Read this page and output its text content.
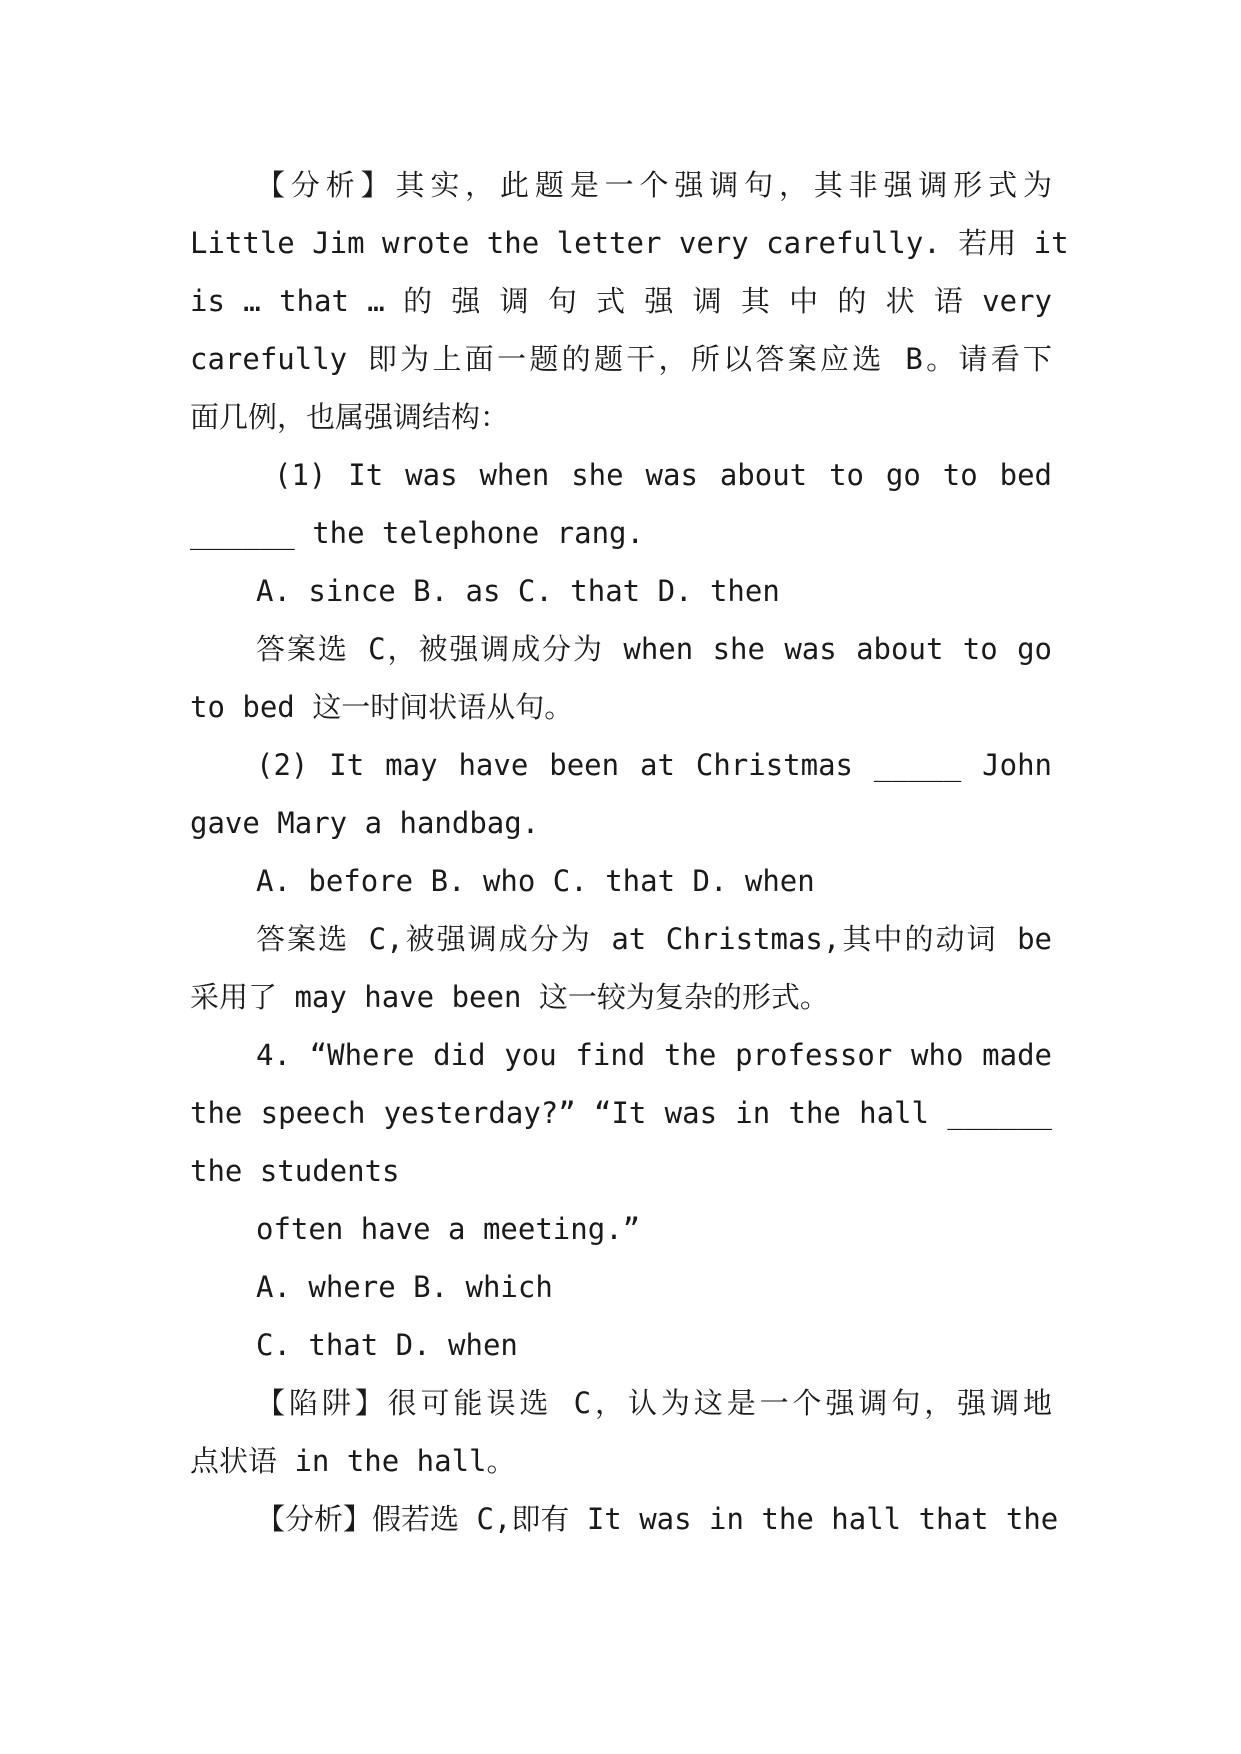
【分析】其实，此题是一个强调句，其非强调形式为
Little Jim wrote the letter very carefully. 若用 it
is … that … 的 强 调 句 式 强 调 其 中 的 状 语 very
carefully 即为上面一题的题干，所以答案应选 B。请看下
面几例，也属强调结构：
(1) It was when she was about to go to bed
______ the telephone rang.
A. since B. as C. that D. then
答案选 C，被强调成分为 when she was about to go
to bed 这一时间状语从句。
(2) It may have been at Christmas _____ John
gave Mary a handbag.
A. before B. who C. that D. when
答案选 C,被强调成分为 at Christmas,其中的动词 be
采用了 may have been 这一较为复杂的形式。
4. “Where did you find the professor who made
the speech yesterday?” “It was in the hall ______
the students
often have a meeting.”
A. where B. which
C. that D. when
【陷阱】很可能误选 C，认为这是一个强调句，强调地
点状语 in the hall。
【分析】假若选 C,即有 It was in the hall that the
